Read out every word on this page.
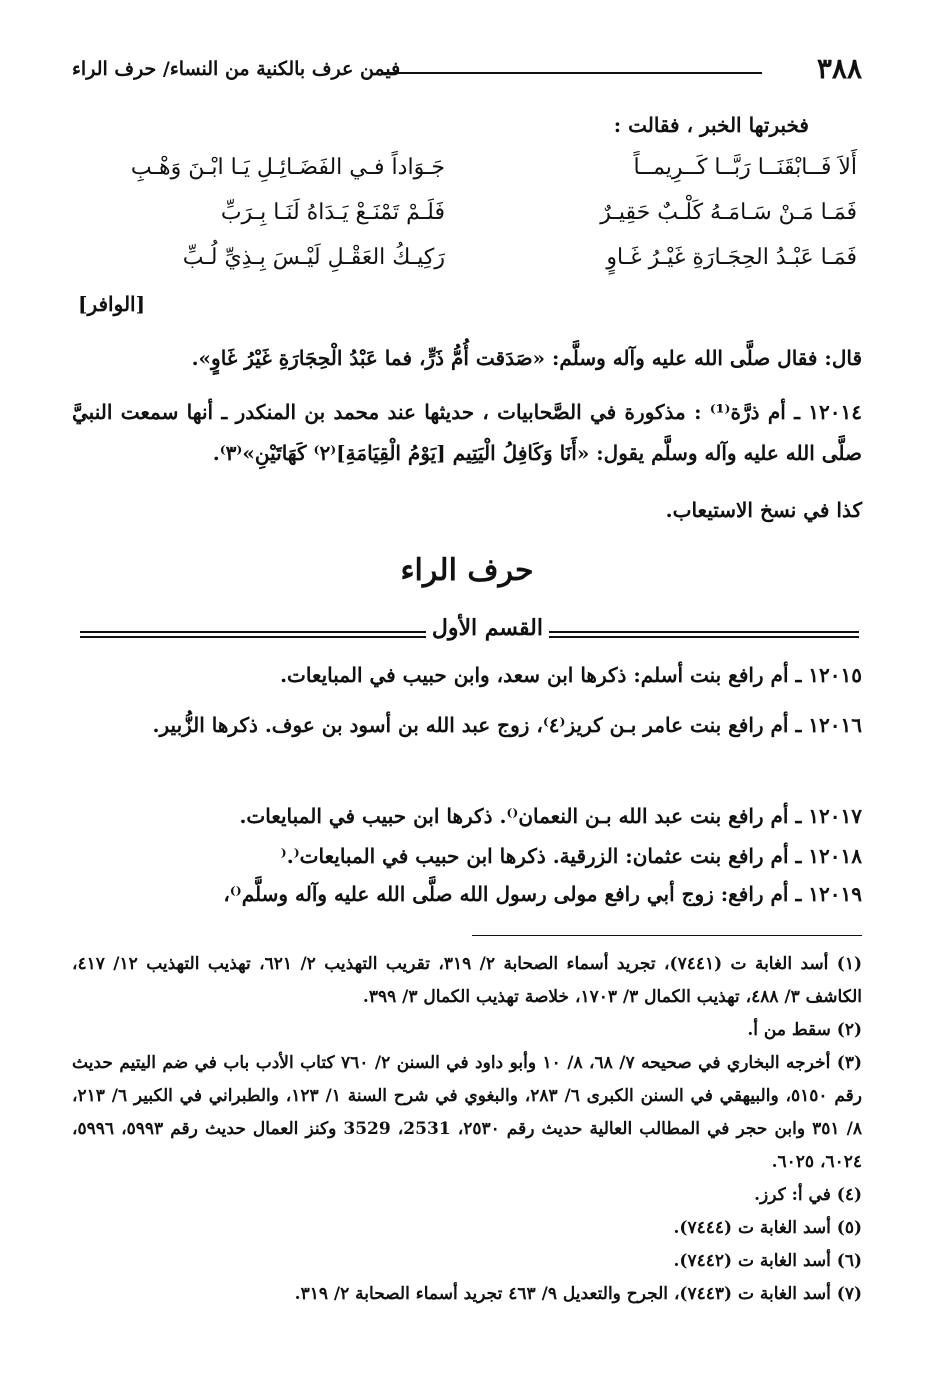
٣٨٨
فيمن عرف بالكنية من النساء/ حرف الراء
فخبرتها الخبر ، فقالت :
أَلاَ فَــابْقَنَــا رَبَّــا كَــرِيمــاً
جَـوَاداً فـي الفَضَـائِـلِ يَـا ابْـنَ وَهْـبِ
فَمَـا مَـنْ سَـامَـهُ كَلْـبٌ حَقِيـرٌ
فَلَـمْ تَمْنَـعْ يَـدَاهُ لَنَـا بِـرَبِّ
فَمَـا عَبْـدُ الحِجَـارَةِ غَيْـرُ غَـاوٍ
رَكِيـكُ العَقْـلِ لَيْـسَ بِـذِيِّ لُـبِّ
[الوافر]
قال: فقال صلَّى الله عليه وآله وسلَّم: «صَدَقت أُمُّ ذَرٍّ، فما عَبْدُ الْحِجَارَةِ غَيْرُ غَاوٍ».
١٢٠١٤ ـ أم ذرَّة⁽¹⁾ : مذكورة في الصَّحابيات ، حديثها عند محمد بن المنكدر ـ أنها سمعت النبيَّ صلَّى الله عليه وآله وسلَّم يقول: «أَنَا وَكَافِلُ الْيَتِيم [يَوْمُ الْقِيَامَةِ]⁽٢⁾ كَهَاتَيْنِ»⁽٣⁾.
كذا في نسخ الاستيعاب.
حرف الراء
القسم الأول
١٢٠١٥ ـ أم رافع بنت أسلم: ذكرها ابن سعد، وابن حبيب في المبايعات.
١٢٠١٦ ـ أم رافع بنت عامر بـن كريز⁽٤⁾، زوج عبد الله بن أسود بن عوف. ذكرها الزُّبير.
١٢٠١٧ ـ أم رافع بنت عبد الله بـن النعمان⁽⁥⁾. ذكرها ابن حبيب في المبايعات.
١٢٠١٨ ـ أم رافع بنت عثمان: الزرقية. ذكرها ابن حبيب في المبايعات⁽⁦⁾.
١٢٠١٩ ـ أم رافع: زوج أبي رافع مولى رسول الله صلَّى الله عليه وآله وسلَّم⁽⁧⁾،

(١) أسد الغابة ت (٧٤٤١)، تجريد أسماء الصحابة ٢/ ٣١٩، تقريب التهذيب ٢/ ٦٢١، تهذيب التهذيب ١٢/ ٤١٧، الكاشف ٣/ ٤٨٨، تهذيب الكمال ٣/ ١٧٠٣، خلاصة تهذيب الكمال ٣/ ٣٩٩.

(٢) سقط من أ.

(٣) أخرجه البخاري في صحيحه ٧/ ٦٨، ٨/ ١٠ وأبو داود في السنن ٢/ ٧٦٠ كتاب الأدب باب في ضم اليتيم حديث رقم ٥١٥٠، والبيهقي في السنن الكبرى ٦/ ٢٨٣، والبغوي في شرح السنة ١/ ١٢٣، والطبراني في الكبير ٦/ ٢١٣، ٨/ ٣٥١ وابن حجر في المطالب العالية حديث رقم ٢٥٣٠، 2531، 3529 وكنز العمال حديث رقم ٥٩٩٣، ٥٩٩٦، ٦٠٢٤، ٦٠٢٥.

(٤) في أ: كرز.

(٥) أسد الغابة ت (٧٤٤٤).

(٦) أسد الغابة ت (٧٤٤٢).

(٧) أسد الغابة ت (٧٤٤٣)، الجرح والتعديل ٩/ ٤٦٣ تجريد أسماء الصحابة ٢/ ٣١٩.
